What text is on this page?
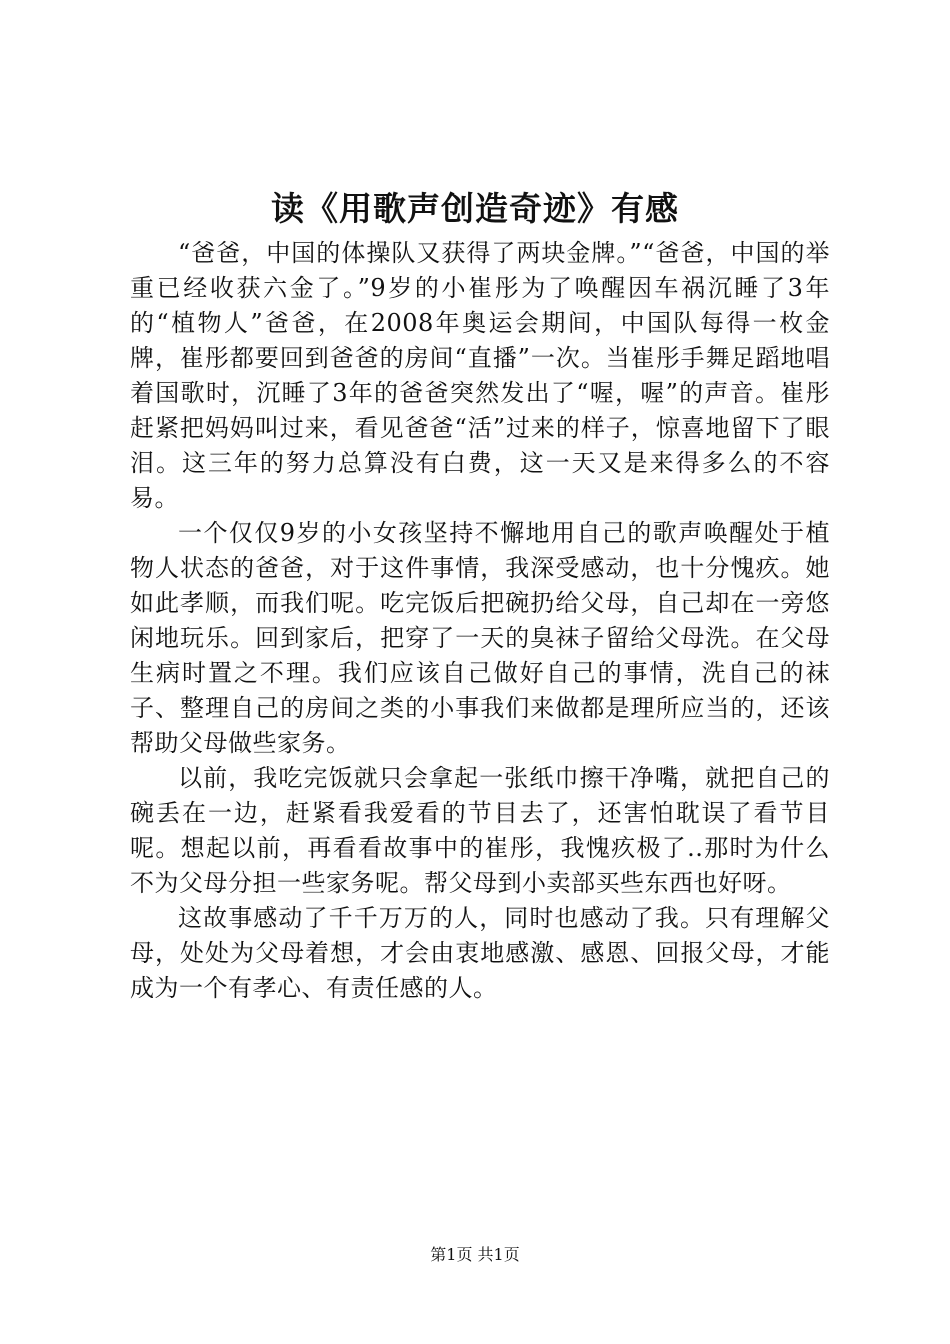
读《用歌声创造奇迹》有感

“爸爸，中国的体操队又获得了两块金牌。”“爸爸，中国的举重已经收获六金了。”9岁的小崔彤为了唤醒因车祸沉睡了3年的“植物人”爸爸，在2008年奥运会期间，中国队每得一枚金牌，崔彤都要回到爸爸的房间“直播”一次。当崔彤手舞足蹈地唱着国歌时，沉睡了3年的爸爸突然发出了“喔，喔”的声音。崔彤赶紧把妈妈叫过来，看见爸爸“活”过来的样子，惊喜地留下了眼泪。这三年的努力总算没有白费，这一天又是来得多么的不容易。

一个仅仅9岁的小女孩坚持不懈地用自己的歌声唤醒处于植物人状态的爸爸，对于这件事情，我深受感动，也十分愧疚。她如此孝顺，而我们呢。吃完饭后把碗扔给父母，自己却在一旁悠闲地玩乐。回到家后，把穿了一天的臭袜子留给父母洗。在父母生病时置之不理。我们应该自己做好自己的事情，洗自己的袜子、整理自己的房间之类的小事我们来做都是理所应当的，还该帮助父母做些家务。

以前，我吃完饭就只会拿起一张纸巾擦干净嘴，就把自己的碗丢在一边，赶紧看我爱看的节目去了，还害怕耽误了看节目呢。想起以前，再看看故事中的崔彤，我愧疚极了..那时为什么不为父母分担一些家务呢。帮父母到小卖部买些东西也好呀。

这故事感动了千千万万的人，同时也感动了我。只有理解父母，处处为父母着想，才会由衷地感激、感恩、回报父母，才能成为一个有孝心、有责任感的人。

第1页 共1页
